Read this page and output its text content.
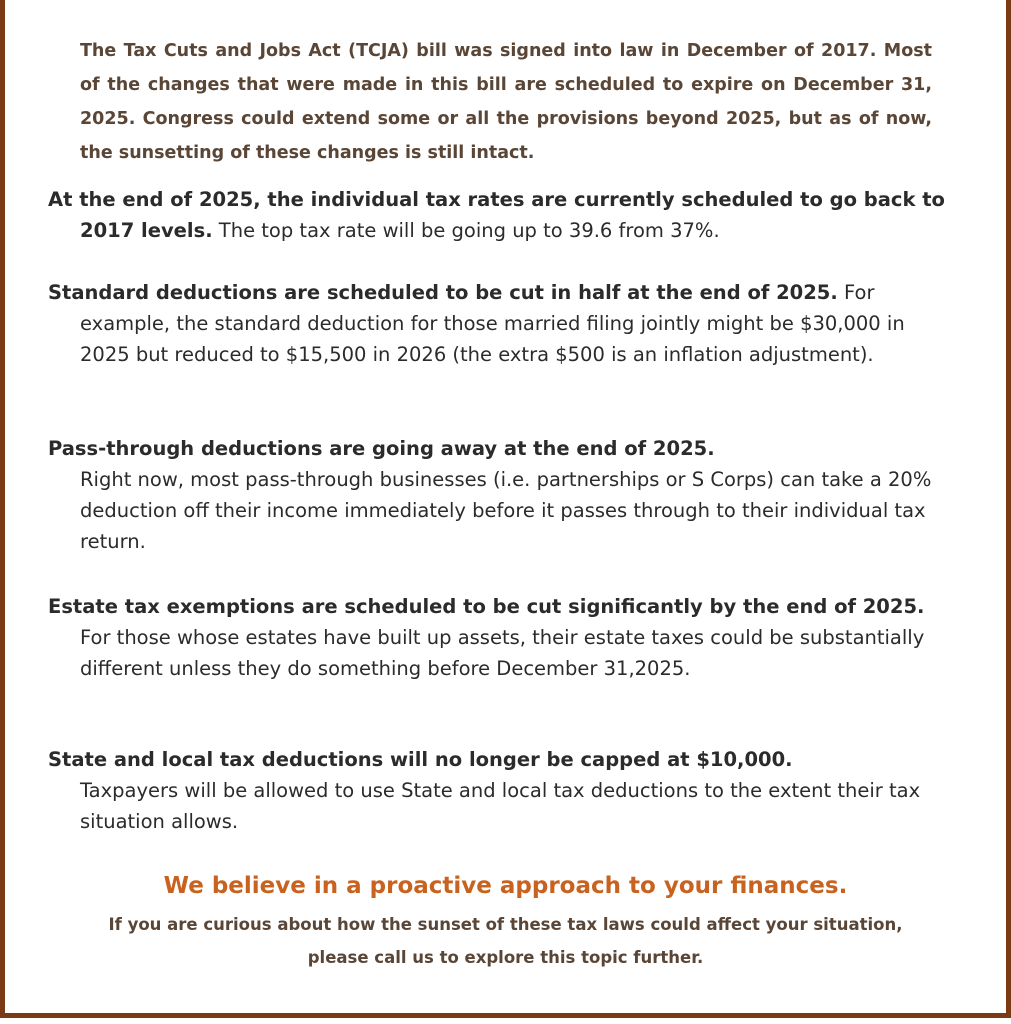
The Tax Cuts and Jobs Act (TCJA) bill was signed into law in December of 2017. Most of the changes that were made in this bill are scheduled to expire on December 31, 2025. Congress could extend some or all the provisions beyond 2025, but as of now, the sunsetting of these changes is still intact.
At the end of 2025, the individual tax rates are currently scheduled to go back to 2017 levels. The top tax rate will be going up to 39.6 from 37%.
Standard deductions are scheduled to be cut in half at the end of 2025. For example, the standard deduction for those married filing jointly might be $30,000 in 2025 but reduced to $15,500 in 2026 (the extra $500 is an inflation adjustment).
Pass-through deductions are going away at the end of 2025.
Right now, most pass-through businesses (i.e. partnerships or S Corps) can take a 20% deduction off their income immediately before it passes through to their individual tax return.
Estate tax exemptions are scheduled to be cut significantly by the end of 2025. For those whose estates have built up assets, their estate taxes could be substantially different unless they do something before December 31,2025.
State and local tax deductions will no longer be capped at $10,000.
Taxpayers will be allowed to use State and local tax deductions to the extent their tax situation allows.
We believe in a proactive approach to your finances.
If you are curious about how the sunset of these tax laws could affect your situation,
please call us to explore this topic further.
